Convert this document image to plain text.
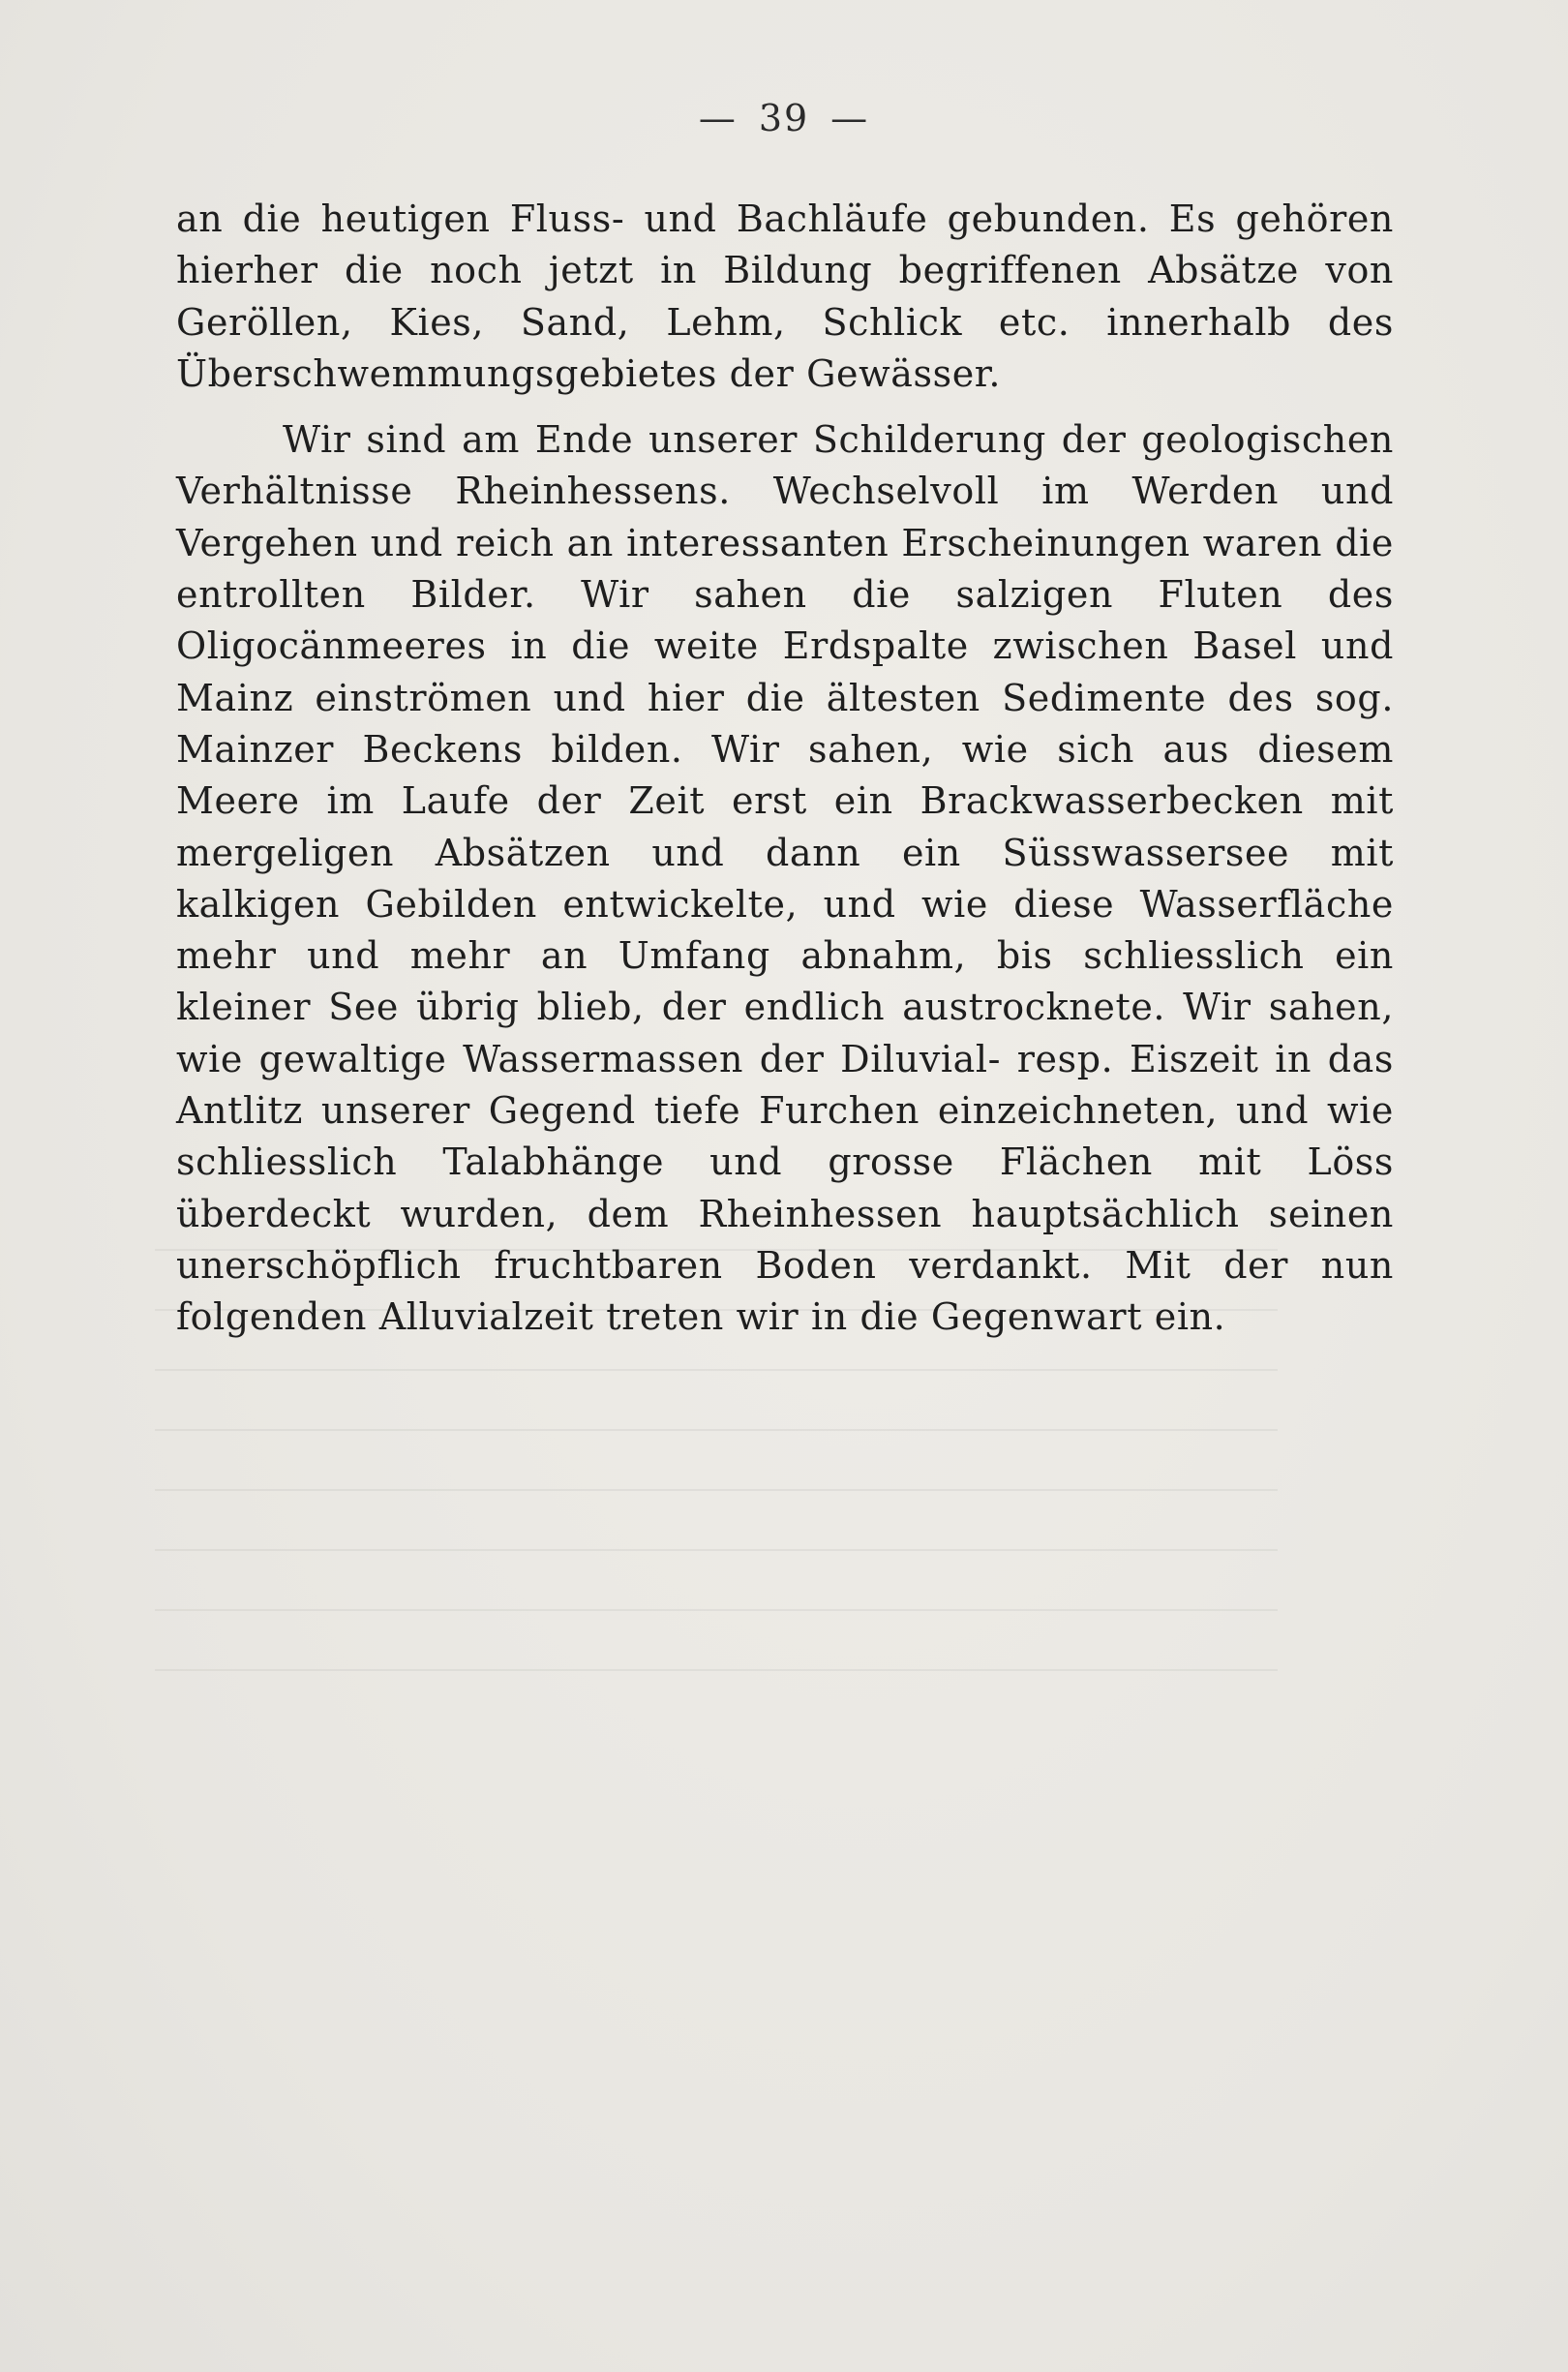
— 39 —

an die heutigen Fluss- und Bachläufe gebunden. Es gehören hierher die noch jetzt in Bildung begriffenen Absätze von Geröllen, Kies, Sand, Lehm, Schlick etc. innerhalb des Überschwemmungsgebietes der Gewässer.

Wir sind am Ende unserer Schilderung der geologischen Verhältnisse Rheinhessens. Wechselvoll im Werden und Vergehen und reich an interessanten Erscheinungen waren die entrollten Bilder. Wir sahen die salzigen Fluten des Oligocänmeeres in die weite Erdspalte zwischen Basel und Mainz einströmen und hier die ältesten Sedimente des sog. Mainzer Beckens bilden. Wir sahen, wie sich aus diesem Meere im Laufe der Zeit erst ein Brackwasserbecken mit mergeligen Absätzen und dann ein Süsswassersee mit kalkigen Gebilden entwickelte, und wie diese Wasserfläche mehr und mehr an Umfang abnahm, bis schliesslich ein kleiner See übrig blieb, der endlich austrocknete. Wir sahen, wie gewaltige Wassermassen der Diluvial- resp. Eiszeit in das Antlitz unserer Gegend tiefe Furchen einzeichneten, und wie schliesslich Talabhänge und grosse Flächen mit Löss überdeckt wurden, dem Rheinhessen hauptsächlich seinen unerschöpflich fruchtbaren Boden verdankt. Mit der nun folgenden Alluvialzeit treten wir in die Gegenwart ein.
